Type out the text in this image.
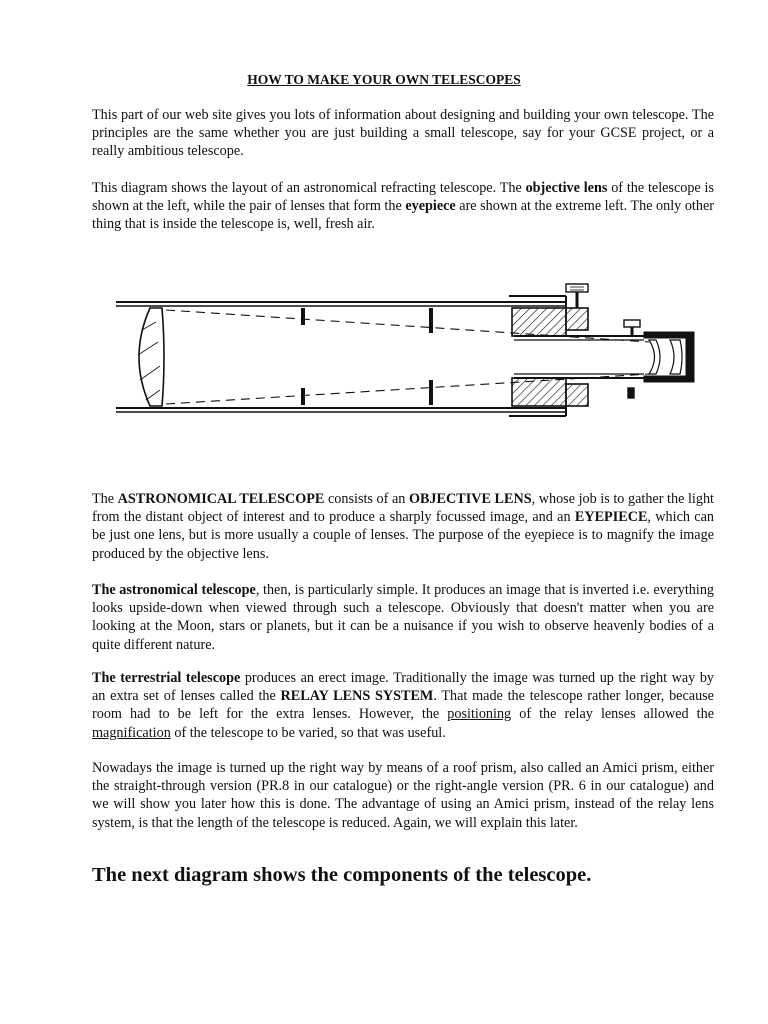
HOW TO MAKE YOUR OWN TELESCOPES

This part of our web site gives you lots of information about designing and building your own telescope. The principles are the same whether you are just building a small telescope, say for your GCSE project, or a really ambitious telescope.

This diagram shows the layout of an astronomical refracting telescope. The objective lens of the telescope is shown at the left, while the pair of lenses that form the eyepiece are shown at the extreme left. The only other thing that is inside the telescope is, well, fresh air.

The ASTRONOMICAL TELESCOPE consists of an OBJECTIVE LENS, whose job is to gather the light from the distant object of interest and to produce a sharply focussed image, and an EYEPIECE, which can be just one lens, but is more usually a couple of lenses. The purpose of the eyepiece is to magnify the image produced by the objective lens.

The astronomical telescope, then, is particularly simple. It produces an image that is inverted i.e. everything looks upside-down when viewed through such a telescope. Obviously that doesn't matter when you are looking at the Moon, stars or planets, but it can be a nuisance if you wish to observe heavenly bodies of a quite different nature.

The terrestrial telescope produces an erect image. Traditionally the image was turned up the right way by an extra set of lenses called the RELAY LENS SYSTEM. That made the telescope rather longer, because room had to be left for the extra lenses. However, the positioning of the relay lenses allowed the magnification of the telescope to be varied, so that was useful.

Nowadays the image is turned up the right way by means of a roof prism, also called an Amici prism, either the straight-through version (PR.8 in our catalogue) or the right-angle version (PR. 6 in our catalogue) and we will show you later how this is done. The advantage of using an Amici prism, instead of the relay lens system, is that the length of the telescope is reduced. Again, we will explain this later.

The next diagram shows the components of the telescope.
